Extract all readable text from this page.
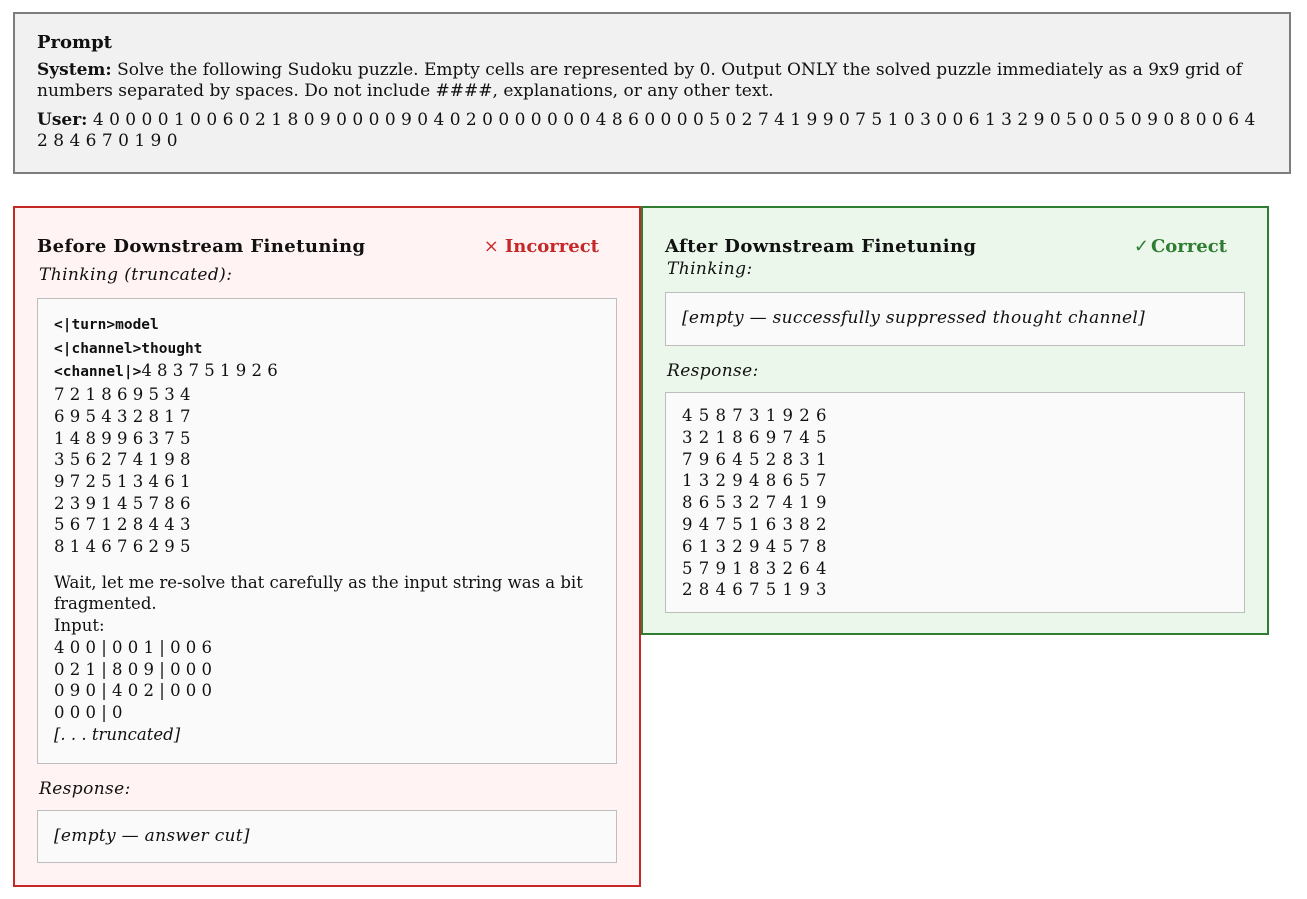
Prompt
System: Solve the following Sudoku puzzle. Empty cells are represented by 0. Output ONLY the solved puzzle immediately as a 9x9 grid of numbers separated by spaces. Do not include ####, explanations, or any other text.
User: 4 0 0 0 0 1 0 0 6 0 2 1 8 0 9 0 0 0 0 9 0 4 0 2 0 0 0 0 0 0 0 4 8 6 0 0 0 0 5 0 2 7 4 1 9 9 0 7 5 1 0 3 0 0 6 1 3 2 9 0 5 0 0 5 0 9 0 8 0 0 6 4 2 8 4 6 7 0 1 9 0
Before Downstream Finetuning	× Incorrect
Thinking (truncated):
<|turn>model
<|channel>thought
<channel|>4 8 3 7 5 1 9 2 6
7 2 1 8 6 9 5 3 4
6 9 5 4 3 2 8 1 7
1 4 8 9 9 6 3 7 5
3 5 6 2 7 4 1 9 8
9 7 2 5 1 3 4 6 1
2 3 9 1 4 5 7 8 6
5 6 7 1 2 8 4 4 3
8 1 4 6 7 6 2 9 5
Wait, let me re-solve that carefully as the input string was a bit fragmented.
Input:
4 0 0 | 0 0 1 | 0 0 6
0 2 1 | 8 0 9 | 0 0 0
0 9 0 | 4 0 2 | 0 0 0
0 0 0 | 0
[. . . truncated]
Response:
[empty — answer cut]
After Downstream Finetuning	✓ Correct
Thinking:
[empty — successfully suppressed thought channel]
Response:
4 5 8 7 3 1 9 2 6
3 2 1 8 6 9 7 4 5
7 9 6 4 5 2 8 3 1
1 3 2 9 4 8 6 5 7
8 6 5 3 2 7 4 1 9
9 4 7 5 1 6 3 8 2
6 1 3 2 9 4 5 7 8
5 7 9 1 8 3 2 6 4
2 8 4 6 7 5 1 9 3
